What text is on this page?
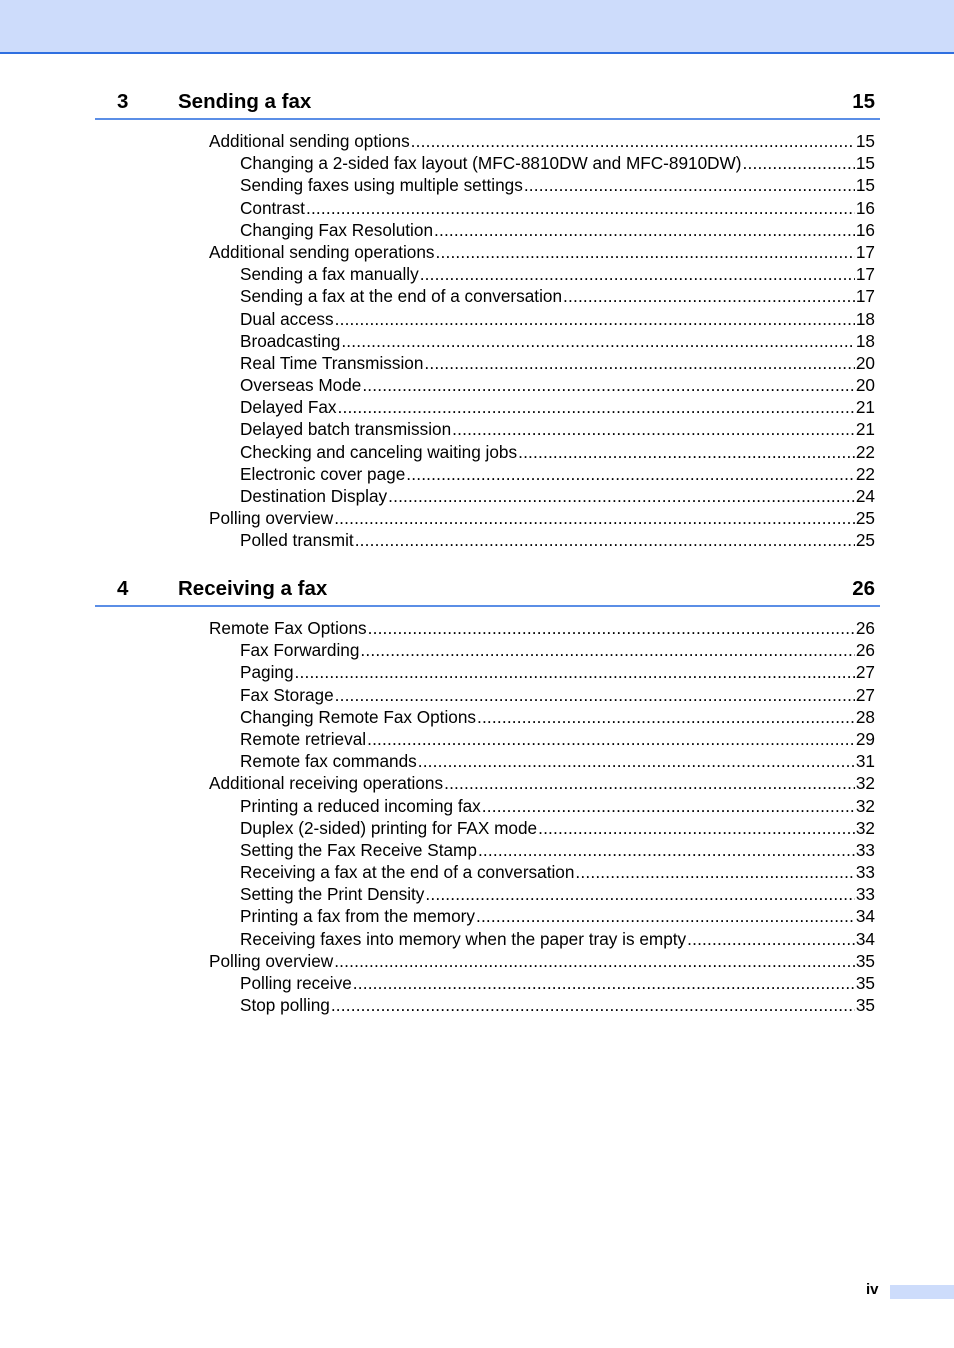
3 Sending a fax	15
Additional sending options .....	15
Changing a 2-sided fax layout (MFC-8810DW and MFC-8910DW) .....	15
Sending faxes using multiple settings .....	15
Contrast .....	16
Changing Fax Resolution .....	16
Additional sending operations .....	17
Sending a fax manually .....	17
Sending a fax at the end of a conversation .....	17
Dual access .....	18
Broadcasting .....	18
Real Time Transmission .....	20
Overseas Mode .....	20
Delayed Fax .....	21
Delayed batch transmission .....	21
Checking and canceling waiting jobs .....	22
Electronic cover page .....	22
Destination Display .....	24
Polling overview .....	25
Polled transmit .....	25
4 Receiving a fax	26
Remote Fax Options .....	26
Fax Forwarding .....	26
Paging .....	27
Fax Storage .....	27
Changing Remote Fax Options .....	28
Remote retrieval .....	29
Remote fax commands .....	31
Additional receiving operations .....	32
Printing a reduced incoming fax .....	32
Duplex (2-sided) printing for FAX mode .....	32
Setting the Fax Receive Stamp .....	33
Receiving a fax at the end of a conversation .....	33
Setting the Print Density .....	33
Printing a fax from the memory .....	34
Receiving faxes into memory when the paper tray is empty .....	34
Polling overview .....	35
Polling receive .....	35
Stop polling .....	35
iv
